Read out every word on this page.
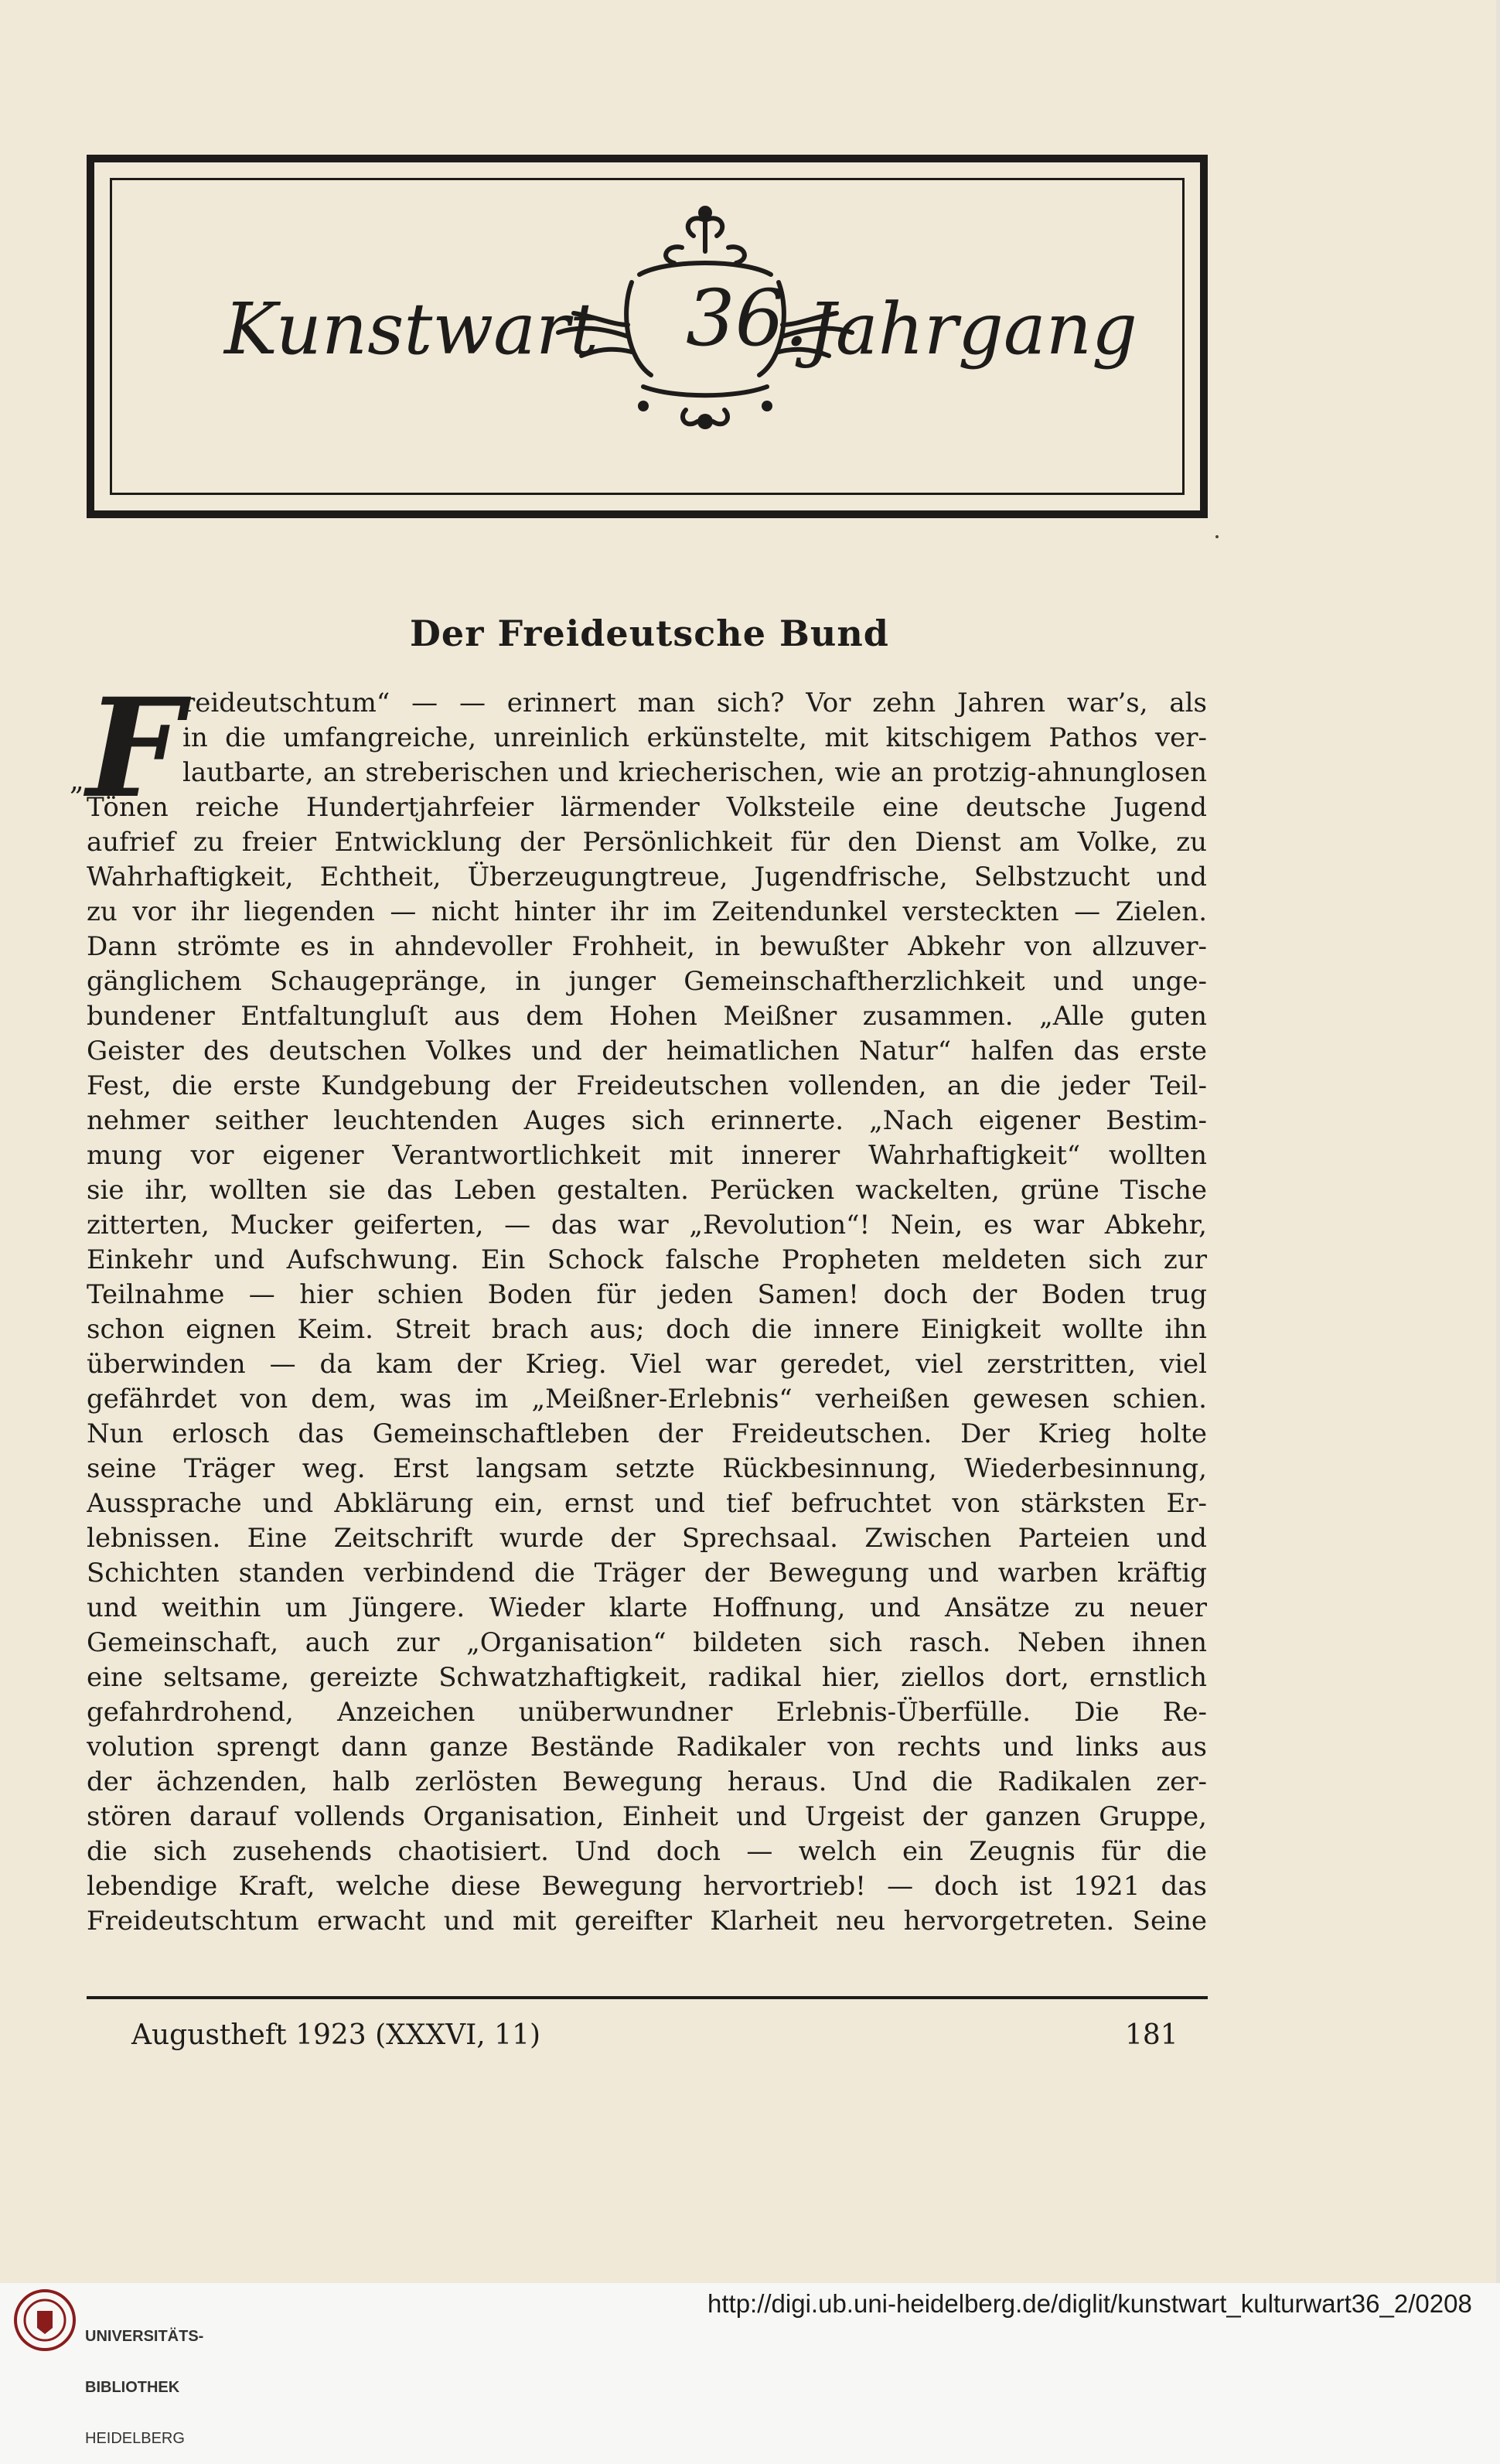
Kunstwart 36.
Jahrgang
Der Freideutsche Bund
„ F reideutschtum“ — — erinnert man sich? Vor zehn Jahren war’s, als
in die umfangreiche, unreinlich erkünstelte, mit kitschigem Pathos ver-
lautbarte, an streberischen und kriecherischen, wie an protzig-ahnunglosen
Tönen reiche Hundertjahrfeier lärmender Volksteile eine deutsche Jugend
aufrief zu freier Entwicklung der Persönlichkeit für den Dienst am Volke, zu
Wahrhaftigkeit, Echtheit, Überzeugungtreue, Jugendfrische, Selbstzucht und
zu vor ihr liegenden — nicht hinter ihr im Zeitendunkel versteckten — Zielen.
Dann strömte es in ahndevoller Frohheit, in bewußter Abkehr von allzuver-
gänglichem Schaugepränge, in junger Gemeinschaftherzlichkeit und unge-
bundener Entfaltungluſt aus dem Hohen Meißner zusammen. „Alle guten
Geister des deutschen Volkes und der heimatlichen Natur“ halfen das erste
Fest, die erste Kundgebung der Freideutschen vollenden, an die jeder Teil-
nehmer seither leuchtenden Auges sich erinnerte. „Nach eigener Bestim-
mung vor eigener Verantwortlichkeit mit innerer Wahrhaftigkeit“ wollten
sie ihr, wollten sie das Leben gestalten. Perücken wackelten, grüne Tische
zitterten, Mucker geiferten, — das war „Revolution“! Nein, es war Abkehr,
Einkehr und Aufschwung. Ein Schock falsche Propheten meldeten sich zur
Teilnahme — hier schien Boden für jeden Samen! doch der Boden trug
schon eignen Keim. Streit brach aus; doch die innere Einigkeit wollte ihn
überwinden — da kam der Krieg. Viel war geredet, viel zerstritten, viel
gefährdet von dem, was im „Meißner-Erlebnis“ verheißen gewesen schien.
Nun erlosch das Gemeinschaftleben der Freideutschen. Der Krieg holte
seine Träger weg. Erst langsam setzte Rückbesinnung, Wiederbesinnung,
Aussprache und Abklärung ein, ernst und tief befruchtet von stärksten Er-
lebnissen. Eine Zeitschrift wurde der Sprechsaal. Zwischen Parteien und
Schichten standen verbindend die Träger der Bewegung und warben kräftig
und weithin um Jüngere. Wieder klarte Hoffnung, und Ansätze zu neuer
Gemeinschaft, auch zur „Organisation“ bildeten sich rasch. Neben ihnen
eine seltsame, gereizte Schwatzhaftigkeit, radikal hier, ziellos dort, ernstlich
gefahrdrohend, Anzeichen unüberwundner Erlebnis-Überfülle. Die Re-
volution sprengt dann ganze Bestände Radikaler von rechts und links aus
der ächzenden, halb zerlösten Bewegung heraus. Und die Radikalen zer-
stören darauf vollends Organisation, Einheit und Urgeist der ganzen Gruppe,
die sich zusehends chaotisiert. Und doch — welch ein Zeugnis für die
lebendige Kraft, welche diese Bewegung hervortrieb! — doch ist 1921 das
Freideutschtum erwacht und mit gereifter Klarheit neu hervorgetreten. Seine
Augustheft 1923 (XXXVI, 11)	181

UNIVERSITÄTS-

BIBLIOTHEK

HEIDELBERG

http://digi.ub.uni-heidelberg.de/diglit/kunstwart_kulturwart36_2/0208
